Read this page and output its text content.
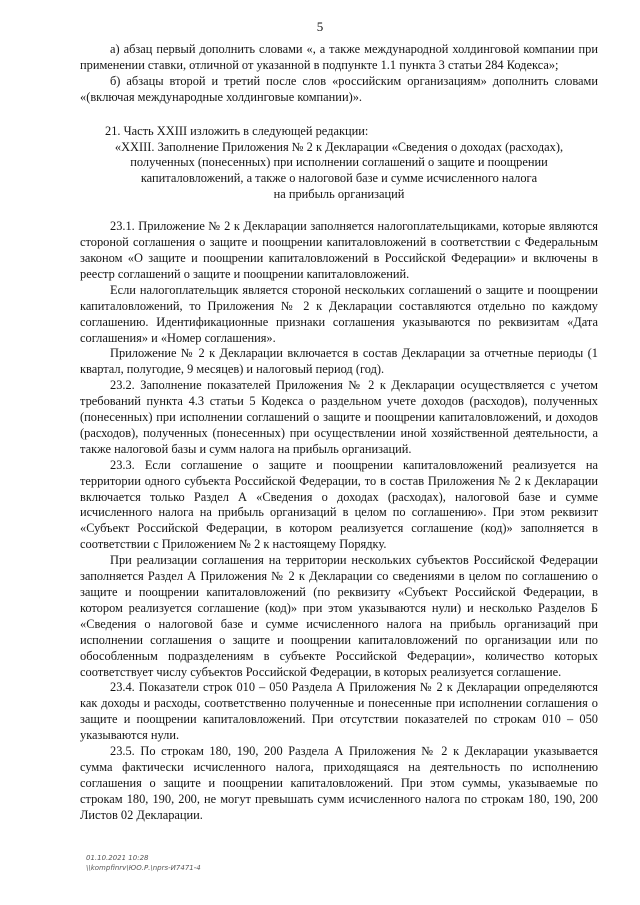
5

а) абзац первый дополнить словами «, а также международной холдинговой компании при применении ставки, отличной от указанной в подпункте 1.1 пункта 3 статьи 284 Кодекса»;

б) абзацы второй и третий после слов «российским организациям» дополнить словами «(включая международные холдинговые компании)».

21. Часть XXIII изложить в следующей редакции:

«XXIII. Заполнение Приложения № 2 к Декларации «Сведения о доходах (расходах),
полученных (понесенных) при исполнении соглашений о защите и поощрении
капиталовложений, а также о налоговой базе и сумме исчисленного налога
на прибыль организаций

23.1. Приложение № 2 к Декларации заполняется налогоплательщиками, которые являются стороной соглашения о защите и поощрении капиталовложений в соответствии с Федеральным законом «О защите и поощрении капиталовложений в Российской Федерации» и включены в реестр соглашений о защите и поощрении капиталовложений.

Если налогоплательщик является стороной нескольких соглашений о защите и поощрении капиталовложений, то Приложения № 2 к Декларации составляются отдельно по каждому соглашению. Идентификационные признаки соглашения указываются по реквизитам «Дата соглашения» и «Номер соглашения».

Приложение № 2 к Декларации включается в состав Декларации за отчетные периоды (1 квартал, полугодие, 9 месяцев) и налоговый период (год).

23.2. Заполнение показателей Приложения № 2 к Декларации осуществляется с учетом требований пункта 4.3 статьи 5 Кодекса о раздельном учете доходов (расходов), полученных (понесенных) при исполнении соглашений о защите и поощрении капиталовложений, и доходов (расходов), полученных (понесенных) при осуществлении иной хозяйственной деятельности, а также налоговой базы и сумм налога на прибыль организаций.

23.3. Если соглашение о защите и поощрении капиталовложений реализуется на территории одного субъекта Российской Федерации, то в состав Приложения № 2 к Декларации включается только Раздел А «Сведения о доходах (расходах), налоговой базе и сумме исчисленного налога на прибыль организаций в целом по соглашению». При этом реквизит «Субъект Российской Федерации, в котором реализуется соглашение (код)» заполняется в соответствии с Приложением № 2 к настоящему Порядку.

При реализации соглашения на территории нескольких субъектов Российской Федерации заполняется Раздел А Приложения № 2 к Декларации со сведениями в целом по соглашению о защите и поощрении капиталовложений (по реквизиту «Субъект Российской Федерации, в котором реализуется соглашение (код)» при этом указываются нули) и несколько Разделов Б «Сведения о налоговой базе и сумме исчисленного налога на прибыль организаций при исполнении соглашения о защите и поощрении капиталовложений по организации или по обособленным подразделениям в субъекте Российской Федерации», количество которых соответствует числу субъектов Российской Федерации, в которых реализуется соглашение.

23.4. Показатели строк 010 – 050 Раздела А Приложения № 2 к Декларации определяются как доходы и расходы, соответственно полученные и понесенные при исполнении соглашения о защите и поощрении капиталовложений. При отсутствии показателей по строкам 010 – 050 указываются нули.

23.5. По строкам 180, 190, 200 Раздела А Приложения № 2 к Декларации указывается сумма фактически исчисленного налога, приходящаяся на деятельность по исполнению соглашения о защите и поощрении капиталовложений. При этом суммы, указываемые по строкам 180, 190, 200, не могут превышать сумм исчисленного налога по строкам 180, 190, 200 Листов 02 Декларации.

01.10.2021 10:28
\\kompfinrv\ЮО.Р.\nprs-И7471-4
